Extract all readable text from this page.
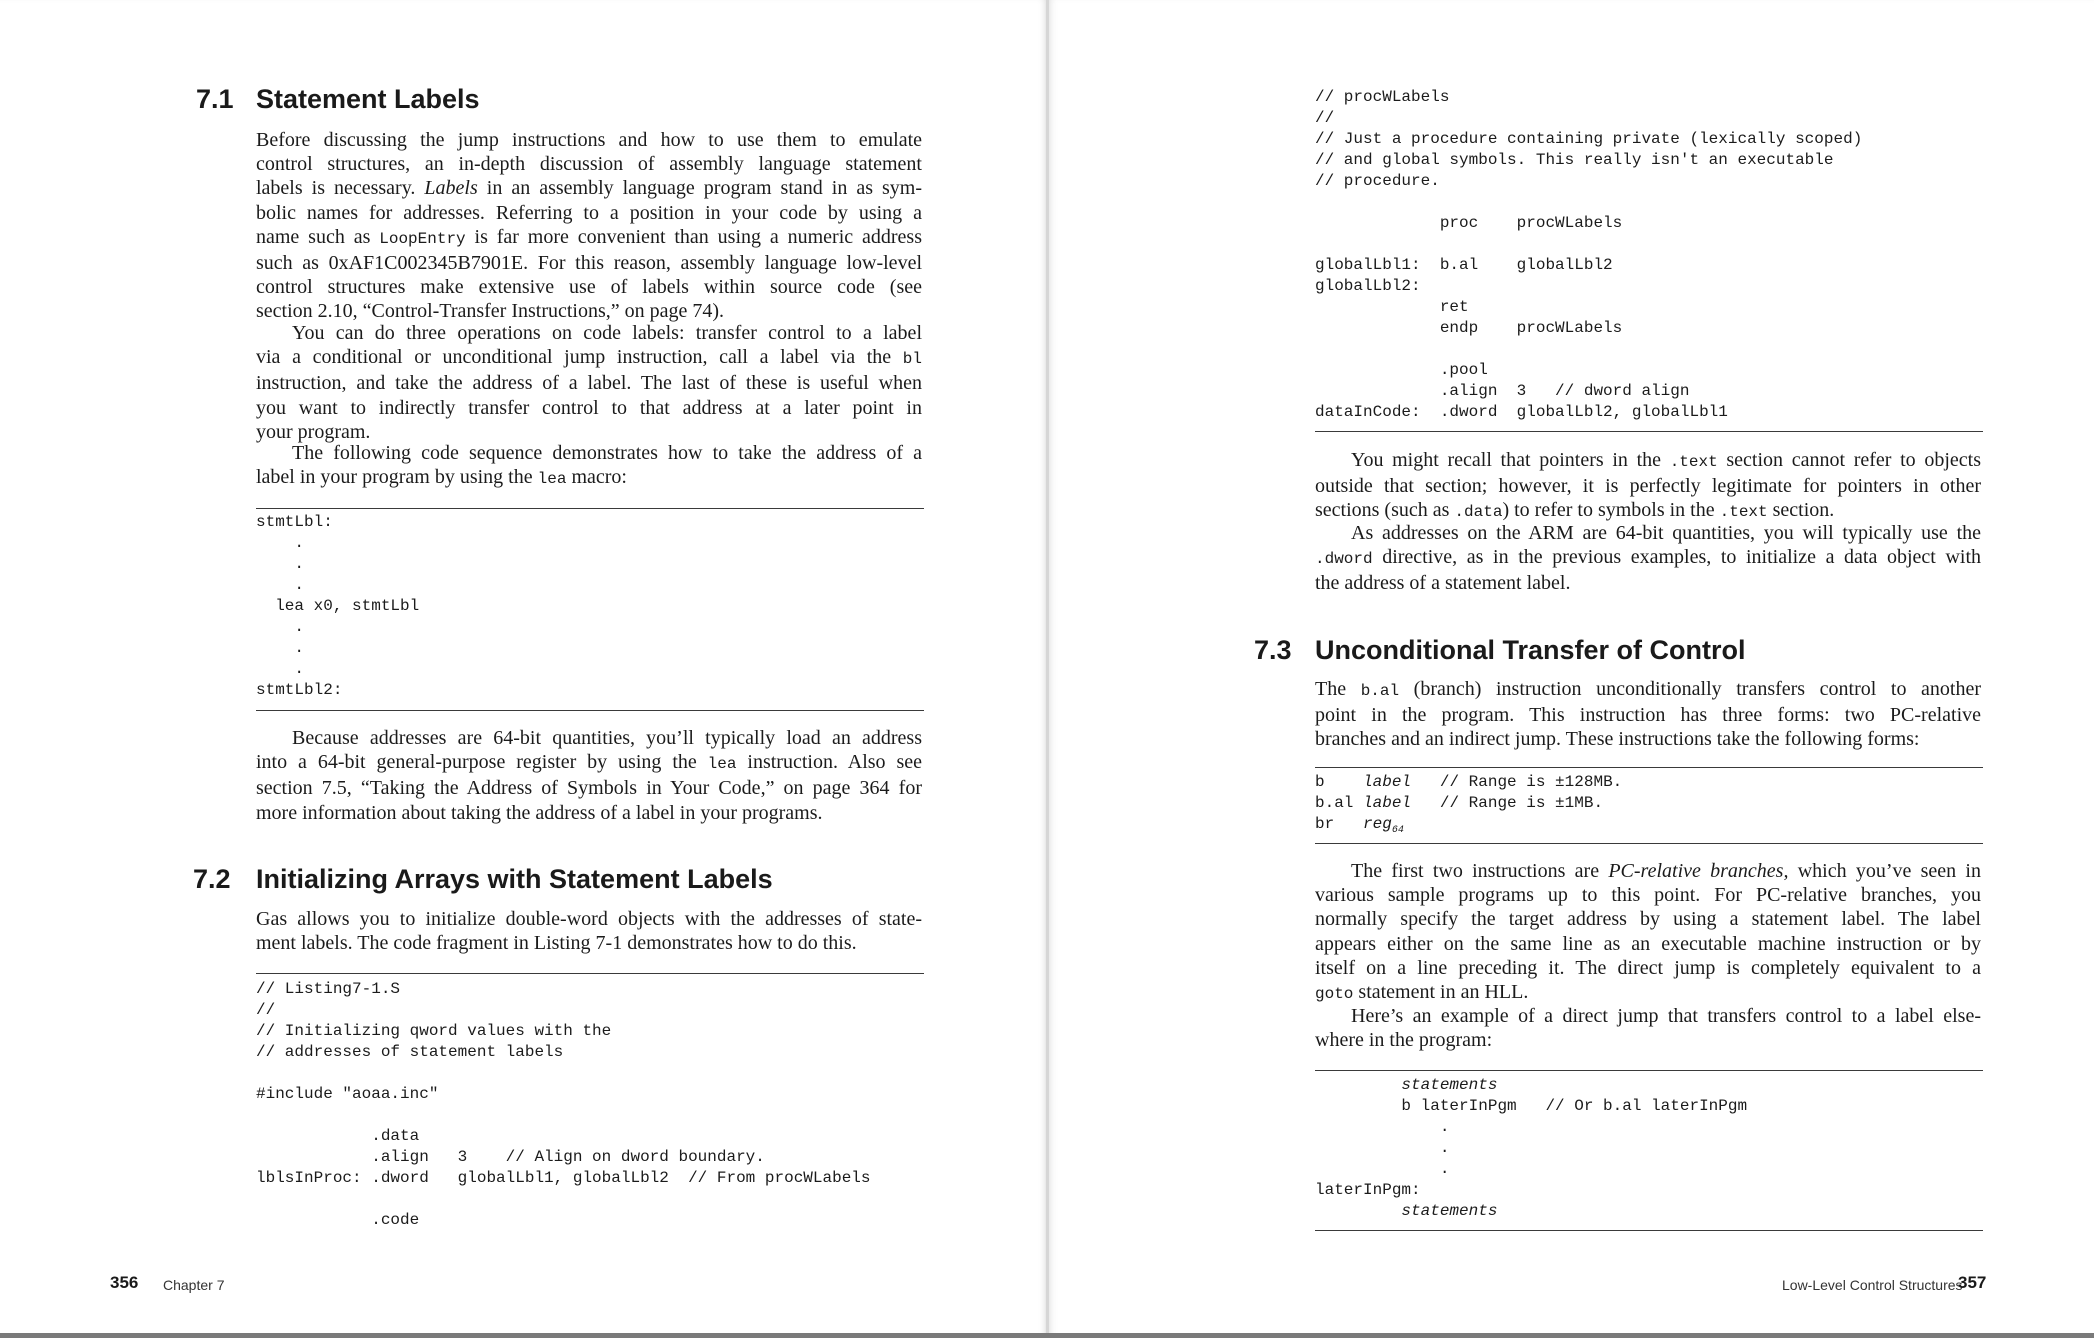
7.1 Statement Labels
Before discussing the jump instructions and how to use them to emulate
control structures, an in-depth discussion of assembly language statement
labels is necessary. Labels in an assembly language program stand in as sym-
bolic names for addresses. Referring to a position in your code by using a
name such as LoopEntry is far more convenient than using a numeric address
such as 0xAF1C002345B7901E. For this reason, assembly language low-level
control structures make extensive use of labels within source code (see
section 2.10, “Control-Transfer Instructions,” on page 74).
You can do three operations on code labels: transfer control to a label
via a conditional or unconditional jump instruction, call a label via the bl
instruction, and take the address of a label. The last of these is useful when
you want to indirectly transfer control to that address at a later point in
your program.
The following code sequence demonstrates how to take the address of a
label in your program by using the lea macro:
stmtLbl:
.
.
.
lea x0, stmtLbl
.
.
.
stmtLbl2:
Because addresses are 64-bit quantities, you’ll typically load an address
into a 64-bit general-purpose register by using the lea instruction. Also see
section 7.5, “Taking the Address of Symbols in Your Code,” on page 364 for
more information about taking the address of a label in your programs.
7.2 Initializing Arrays with Statement Labels
Gas allows you to initialize double-word objects with the addresses of state-
ment labels. The code fragment in Listing 7-1 demonstrates how to do this.
// Listing7-1.S
//
// Initializing qword values with the
// addresses of statement labels

#include "aoaa.inc"

.data
.align   3    // Align on dword boundary.
lblsInProc: .dword   globalLbl1, globalLbl2  // From procWLabels

.code
356 Chapter 7
// procWLabels
//
// Just a procedure containing private (lexically scoped)
// and global symbols. This really isn't an executable
// procedure.

proc    procWLabels

globalLbl1:  b.al    globalLbl2
globalLbl2:
ret
endp    procWLabels

.pool
.align  3   // dword align
dataInCode:  .dword  globalLbl2, globalLbl1
You might recall that pointers in the .text section cannot refer to objects
outside that section; however, it is perfectly legitimate for pointers in other
sections (such as .data) to refer to symbols in the .text section.
As addresses on the ARM are 64-bit quantities, you will typically use the
.dword directive, as in the previous examples, to initialize a data object with
the address of a statement label.
7.3 Unconditional Transfer of Control
The b.al (branch) instruction unconditionally transfers control to another
point in the program. This instruction has three forms: two PC-relative
branches and an indirect jump. These instructions take the following forms:
b    label   // Range is ±128MB.
b.al label   // Range is ±1MB.
br   reg$_{64}$
The first two instructions are PC-relative branches, which you’ve seen in
various sample programs up to this point. For PC-relative branches, you
normally specify the target address by using a statement label. The label
appears either on the same line as an executable machine instruction or by
itself on a line preceding it. The direct jump is completely equivalent to a
goto statement in an HLL.
Here’s an example of a direct jump that transfers control to a label else-
where in the program:
statements
b laterInPgm   // Or b.al laterInPgm
.
.
.
laterInPgm:
statements
Low-Level Control Structures
357
